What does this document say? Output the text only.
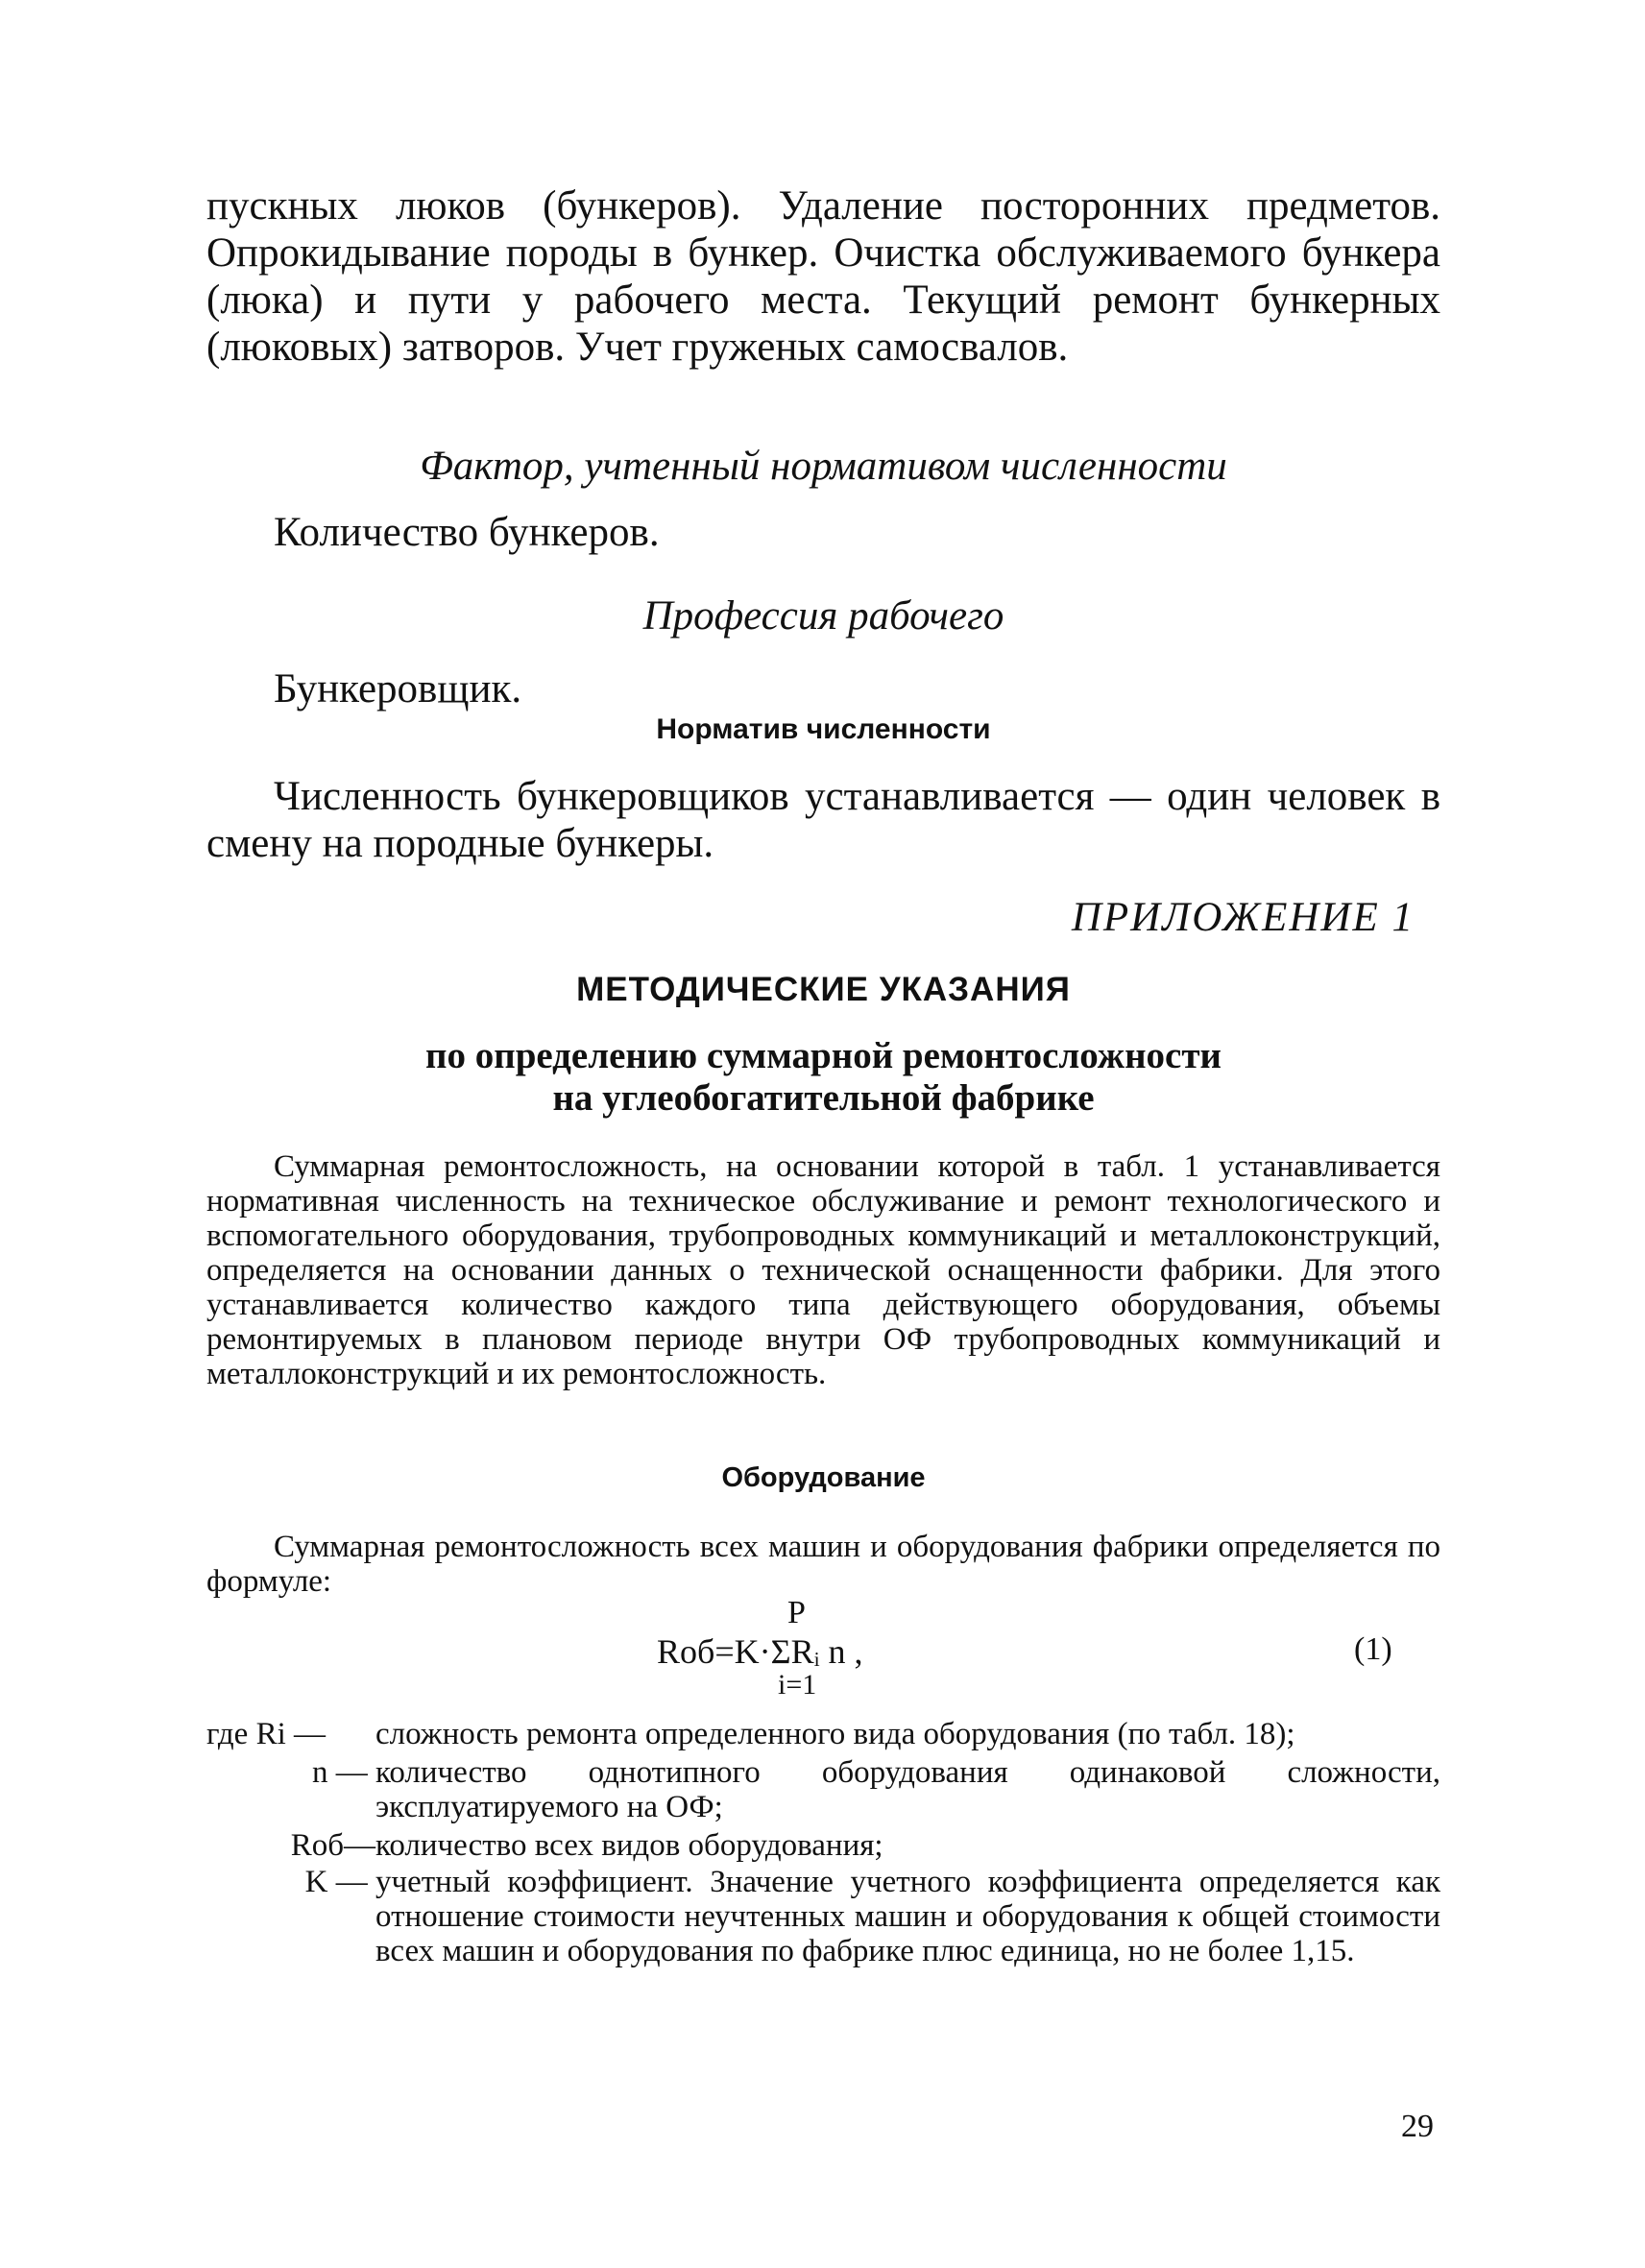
пускных люков (бункеров). Удаление посторонних предметов. Опрокидывание породы в бункер. Очистка обслуживаемого бункера (люка) и пути у рабочего места. Текущий ремонт бункерных (люковых) затворов. Учет груженых самосвалов.
Фактор, учтенный нормативом численности
Количество бункеров.
Профессия рабочего
Бункеровщик.
Норматив численности
Численность бункеровщиков устанавливается — один человек в смену на породные бункеры.
ПРИЛОЖЕНИЕ 1
МЕТОДИЧЕСКИЕ УКАЗАНИЯ
по определению суммарной ремонтосложности
на углеобогатительной фабрике
Суммарная ремонтосложность, на основании которой в табл. 1 устанавливается нормативная численность на техническое обслуживание и ремонт технологического и вспомогательного оборудования, трубопроводных коммуникаций и металлоконструкций, определяется на основании данных о технической оснащенности фабрики. Для этого устанавливается количество каждого типа действующего оборудования, объемы ремонтируемых в плановом периоде внутри ОФ трубопроводных коммуникаций и металлоконструкций и их ремонтосложность.
Оборудование
Суммарная ремонтосложность всех машин и оборудования фабрики определяется по формуле:
P
Rоб=K·ΣRᵢ n ,
i=1
(1)
где Ri —	сложность ремонта определенного вида оборудования (по табл. 18);
n — количество однотипного оборудования одинаковой сложности, эксплуатируемого на ОФ;
Rоб— количество всех видов оборудования;
K — учетный коэффициент. Значение учетного коэффициента определяется как отношение стоимости неучтенных машин и оборудования к общей стоимости всех машин и оборудования по фабрике плюс единица, но не более 1,15.
29
